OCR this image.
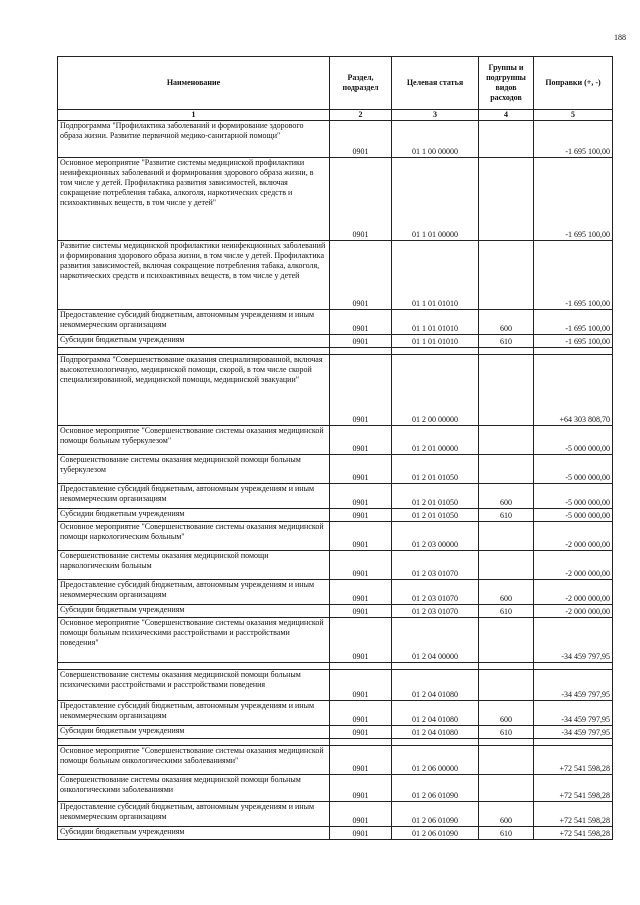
188
Наименование	Раздел, подраздел	Целевая статья	Группы и подгруппы видов расходов	Поправки (+, -)
1	2	3	4	5
Подпрограмма "Профилактика заболеваний и формирование здорового образа жизни. Развитие первичной медико-санитарной помощи"	0901	01 1 00 00000		-1 695 100,00
Основное мероприятие "Развитие системы медицинской профилактики неинфекционных заболеваний и формирования здорового образа жизни, в том числе у детей. Профилактика развития зависимостей, включая сокращение потребления табака, алкоголя, наркотических средств и психоактивных веществ, в том числе у детей"	0901	01 1 01 00000		-1 695 100,00
Развитие системы медицинской профилактики неинфекционных заболеваний и формирования здорового образа жизни, в том числе у детей. Профилактика развития зависимостей, включая сокращение потребления табака, алкоголя, наркотических средств и психоактивных веществ, в том числе у детей	0901	01 1 01 01010		-1 695 100,00
Предоставление субсидий бюджетным, автономным учреждениям и иным некоммерческим организациям	0901	01 1 01 01010	600	-1 695 100,00
Субсидии бюджетным учреждениям	0901	01 1 01 01010	610	-1 695 100,00

Подпрограмма "Совершенствование оказания специализированной, включая высокотехнологичную, медицинской помощи, скорой, в том числе скорой специализированной, медицинской помощи, медицинской эвакуации"	0901	01 2 00 00000		+64 303 808,70
Основное мероприятие "Совершенствование системы оказания медицинской помощи больным туберкулезом"	0901	01 2 01 00000		-5 000 000,00
Совершенствование системы оказания медицинской помощи больным туберкулезом	0901	01 2 01 01050		-5 000 000,00
Предоставление субсидий бюджетным, автономным учреждениям и иным некоммерческим организациям	0901	01 2 01 01050	600	-5 000 000,00
Субсидии бюджетным учреждениям	0901	01 2 01 01050	610	-5 000 000,00
Основное мероприятие "Совершенствование системы оказания медицинской помощи наркологическим больным"	0901	01 2 03 00000		-2 000 000,00
Совершенствование системы оказания медицинской помощи наркологическим больным	0901	01 2 03 01070		-2 000 000,00
Предоставление субсидий бюджетным, автономным учреждениям и иным некоммерческим организациям	0901	01 2 03 01070	600	-2 000 000,00
Субсидии бюджетным учреждениям	0901	01 2 03 01070	610	-2 000 000,00
Основное мероприятие "Совершенствование системы оказания медицинской помощи больным психическими расстройствами и расстройствами поведения"	0901	01 2 04 00000		-34 459 797,95

Совершенствование системы оказания медицинской помощи больным психическими расстройствами и расстройствами поведения	0901	01 2 04 01080		-34 459 797,95
Предоставление субсидий бюджетным, автономным учреждениям и иным некоммерческим организациям	0901	01 2 04 01080	600	-34 459 797,95
Субсидии бюджетным учреждениям	0901	01 2 04 01080	610	-34 459 797,95

Основное мероприятие "Совершенствование системы оказания медицинской помощи больным онкологическими заболеваниями"	0901	01 2 06 00000		+72 541 598,28
Совершенствование системы оказания медицинской помощи больным онкологическими заболеваниями	0901	01 2 06 01090		+72 541 598,28
Предоставление субсидий бюджетным, автономным учреждениям и иным некоммерческим организациям	0901	01 2 06 01090	600	+72 541 598,28
Субсидии бюджетным учреждениям	0901	01 2 06 01090	610	+72 541 598,28
